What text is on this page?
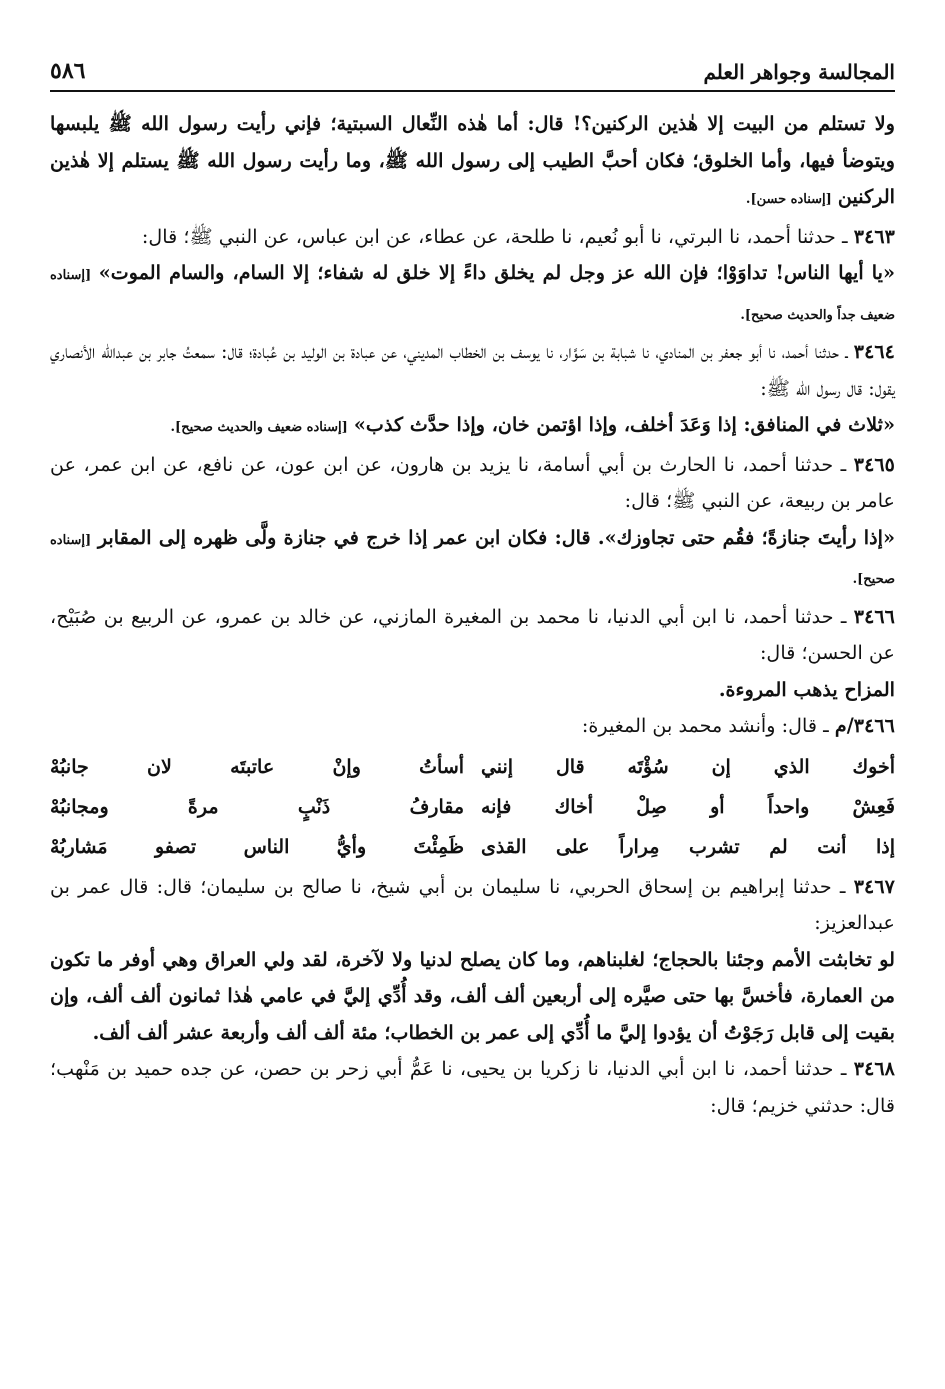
المجالسة وجواهر العلم
٥٨٦

ولا تستلم من البيت إلا هٰذين الركنين؟! قال: أما هٰذه النِّعال السبتية؛ فإني رأيت رسول الله ﷺ يلبسها ويتوضأ فيها، وأما الخلوق؛ فكان أحبَّ الطيب إلى رسول الله ﷺ، وما رأيت رسول الله ﷺ يستلم إلا هٰذين الركنين [إسناده حسن].

٣٤٦٣ ـ حدثنا أحمد، نا البرتي، نا أبو نُعيم، نا طلحة، عن عطاء، عن ابن عباس، عن النبي ﷺ؛ قال:

«يا أيها الناس! تداوَوْا؛ فإن الله عز وجل لم يخلق داءً إلا خلق له شفاء؛ إلا السام، والسام الموت» [إسناده ضعيف جداً والحديث صحيح].

٣٤٦٤ ـ حدثنا أحمد، نا أبو جعفر بن المنادي، نا شبابة بن سَوَّار، نا يوسف بن الخطاب المديني، عن عبادة بن الوليد بن عُبادة؛ قال: سمعتُ جابر بن عبدالله الأنصاري يقول: قال رسول الله ﷺ:

«ثلاث في المنافق: إذا وَعَدَ أخلف، وإذا اؤتمن خان، وإذا حدَّث كذب» [إسناده ضعيف والحديث صحيح].

٣٤٦٥ ـ حدثنا أحمد، نا الحارث بن أبي أسامة، نا يزيد بن هارون، عن ابن عون، عن نافع، عن ابن عمر، عن عامر بن ربيعة، عن النبي ﷺ؛ قال:

«إذا رأيتَ جنازةً؛ فقُم حتى تجاوزك». قال: فكان ابن عمر إذا خرج في جنازة ولَّى ظهره إلى المقابر [إسناده صحيح].

٣٤٦٦ ـ حدثنا أحمد، نا ابن أبي الدنيا، نا محمد بن المغيرة المازني، عن خالد بن عمرو، عن الربيع بن صُبَيْح، عن الحسن؛ قال:

المزاح يذهب المروءة.

٣٤٦٦/م ـ قال: وأنشد محمد بن المغيرة:

أخوك الذي إن سُؤْتَه قال إنني
أسأتُ وإنْ عاتبتَه لان جانبُهْ
فَعِشْ واحداً أو صِلْ أخاك فإنه
مقارفُ ذَنْبٍ مرةً ومجانبُهْ
إذا أنت لم تشرب مِراراً على القذى
ظَمِئْتَ وأيُّ الناس تصفو مَشاربُهْ

٣٤٦٧ ـ حدثنا إبراهيم بن إسحاق الحربي، نا سليمان بن أبي شيخ، نا صالح بن سليمان؛ قال: قال عمر بن عبدالعزيز:

لو تخابثت الأمم وجئنا بالحجاج؛ لغلبناهم، وما كان يصلح لدنيا ولا لآخرة، لقد ولي العراق وهي أوفر ما تكون من العمارة، فأخسَّ بها حتى صيَّره إلى أربعين ألف ألف، وقد أُدِّي إليَّ في عامي هٰذا ثمانون ألف ألف، وإن بقيت إلى قابل رَجَوْتُ أن يؤدوا إليَّ ما أُدِّي إلى عمر بن الخطاب؛ مئة ألف ألف وأربعة عشر ألف ألف.

٣٤٦٨ ـ حدثنا أحمد، نا ابن أبي الدنيا، نا زكريا بن يحيى، نا عَمُّ أبي زحر بن حصن، عن جده حميد بن مَنْهب؛ قال: حدثني خزيم؛ قال:
